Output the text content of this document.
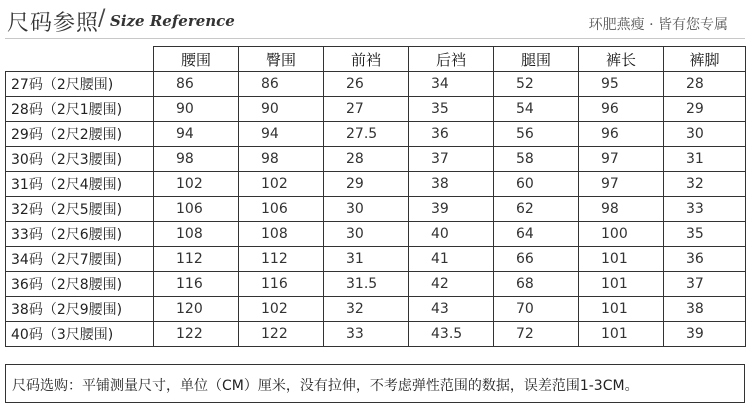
尺码参照
/ Size Reference	环肥燕瘦 · 皆有您专属
	腰围	臀围	前裆	后裆	腿围	裤长	裤脚
27码（2尺腰围)	86	86	26	34	52	95	28
28码（2尺1腰围)	90	90	27	35	54	96	29
29码（2尺2腰围)	94	94	27.5	36	56	96	30
30码（2尺3腰围)	98	98	28	37	58	97	31
31码（2尺4腰围)	102	102	29	38	60	97	32
32码（2尺5腰围)	106	106	30	39	62	98	33
33码（2尺6腰围)	108	108	30	40	64	100	35
34码（2尺7腰围)	112	112	31	41	66	101	36
36码（2尺8腰围)	116	116	31.5	42	68	101	37
38码（2尺9腰围)	120	102	32	43	70	101	38
40码（3尺腰围)	122	122	33	43.5	72	101	39
尺码选购：平铺测量尺寸，单位（CM）厘米，没有拉伸，不考虑弹性范围的数据，误差范围1-3CM。
